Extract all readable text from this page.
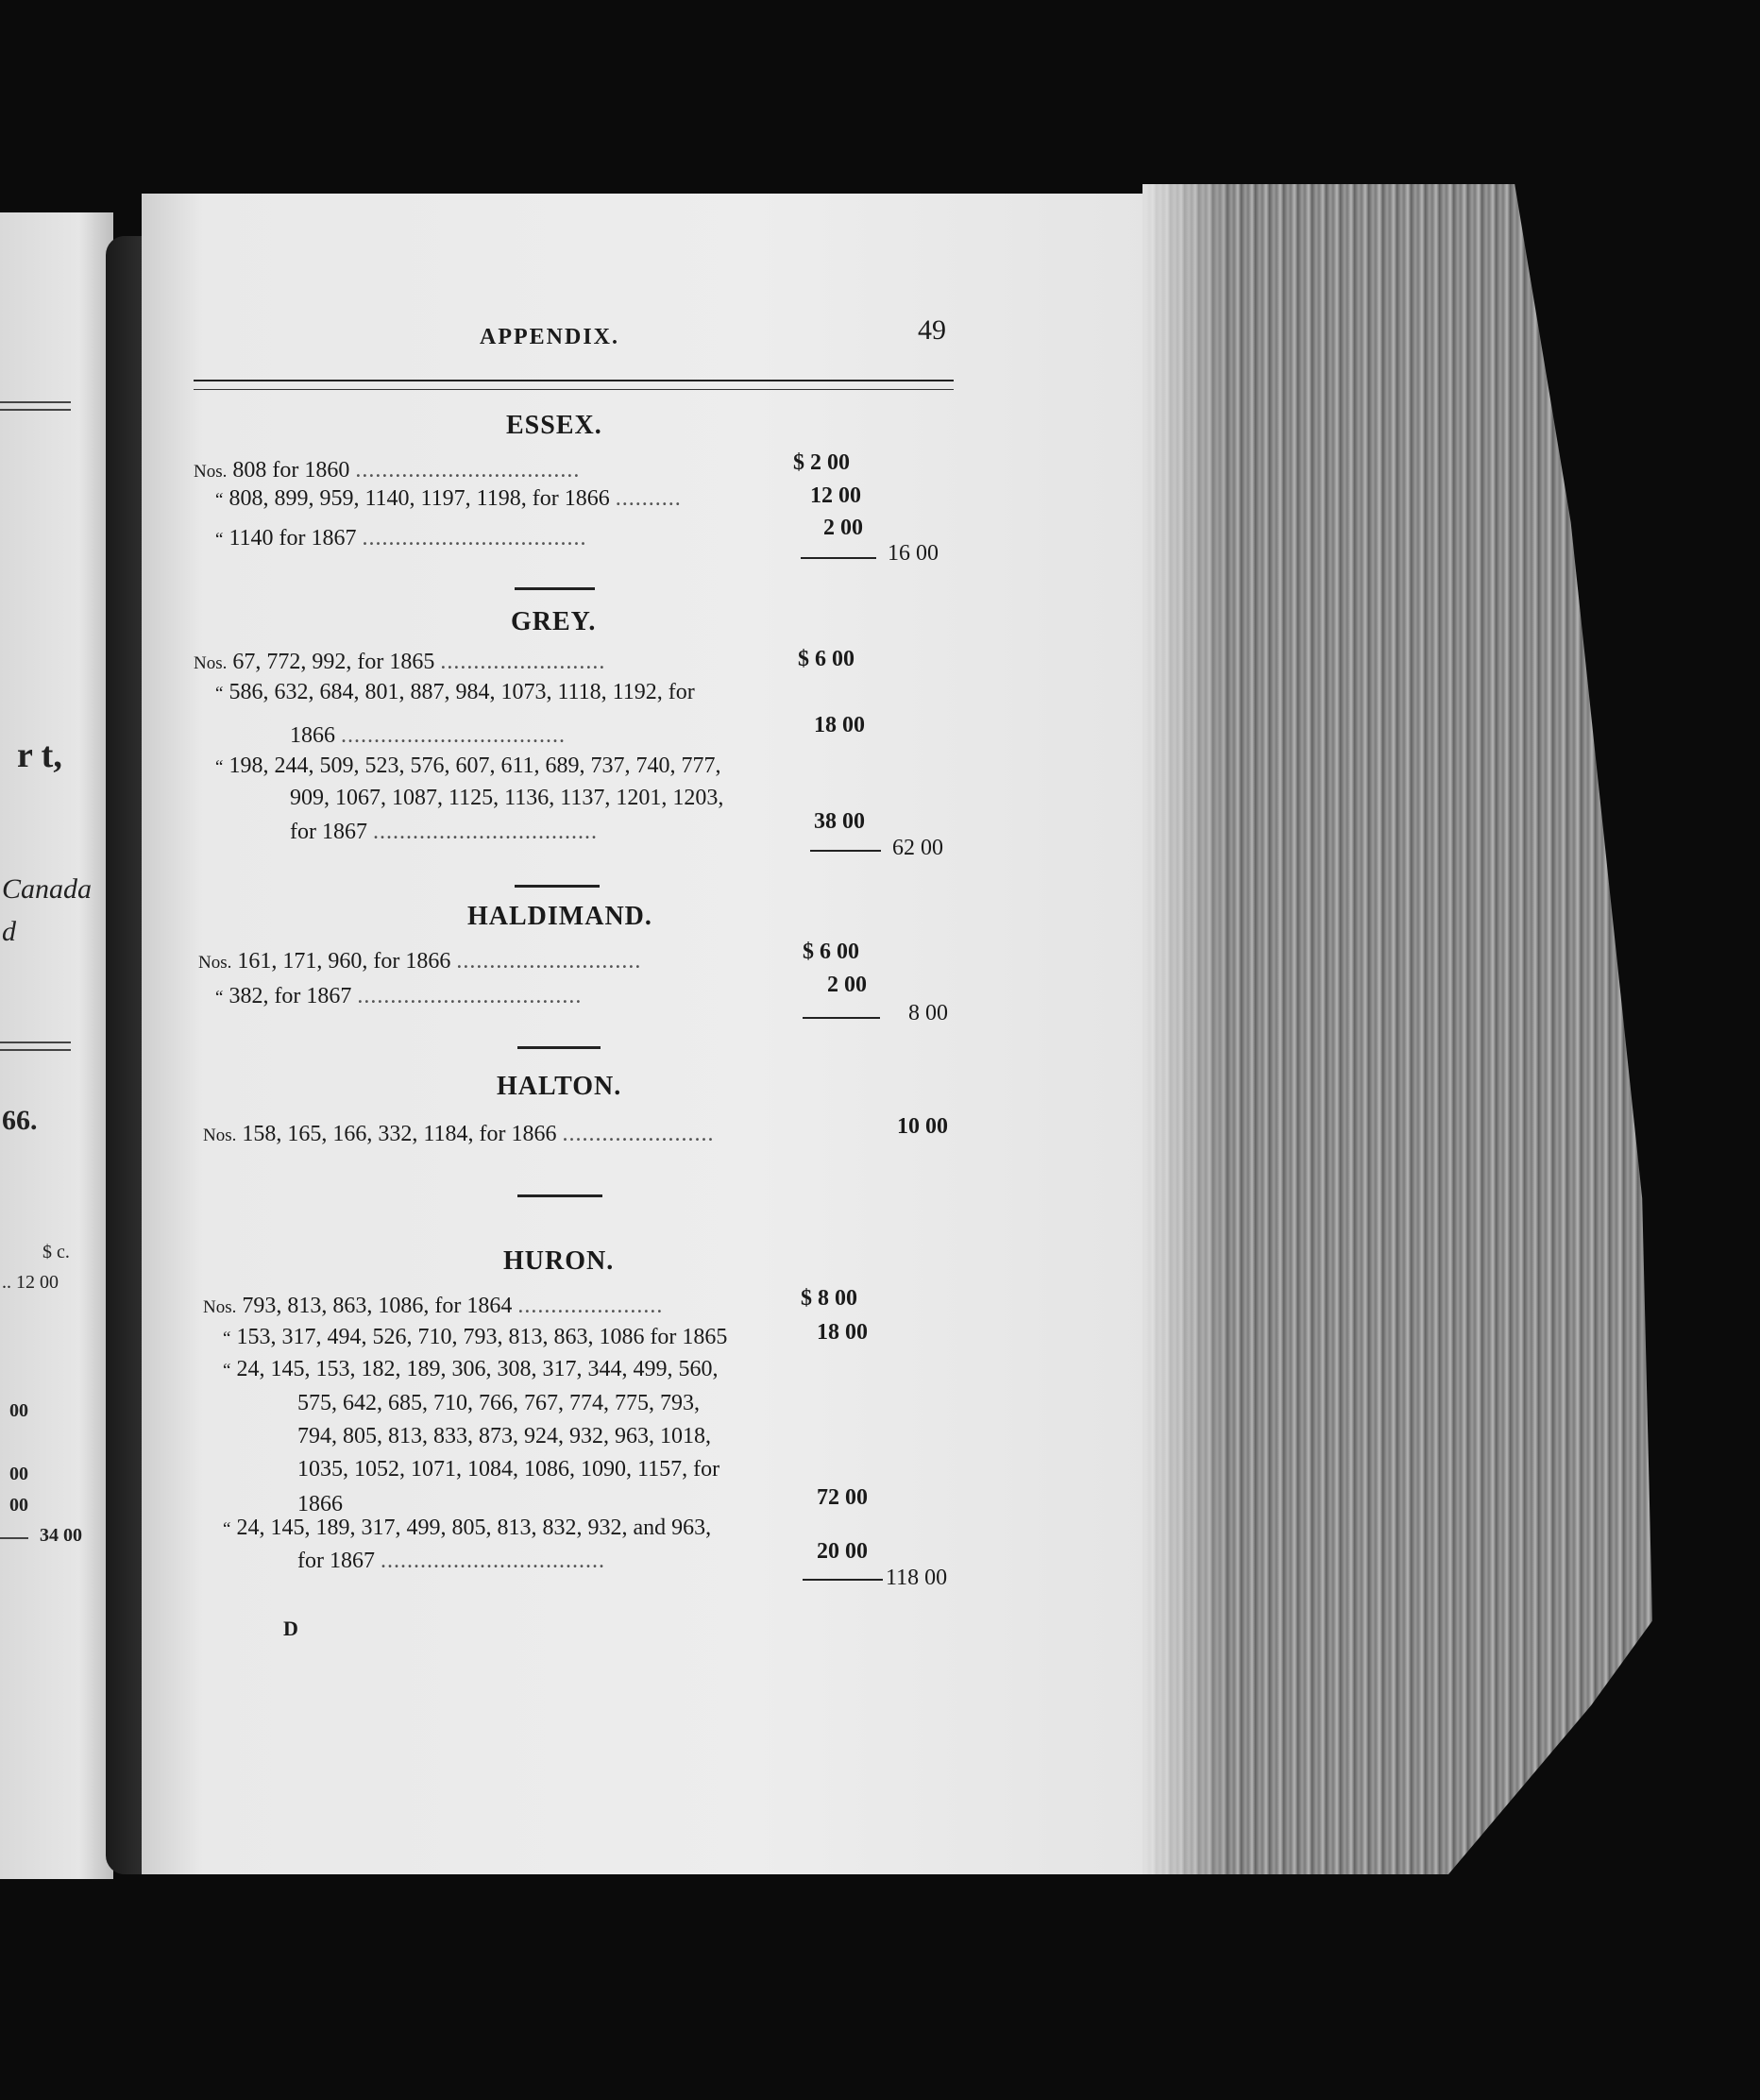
r t,
Canada
d
66.
$ c.
.. 12 00
00
00
00
34 00
APPENDIX.	49
ESSEX.
Nos. 808 for 1860 ..................................	$ 2 00
“ 808, 899, 959, 1140, 1197, 1198, for 1866 ..........	12 00
“ 1140 for 1867 ..................................	2 00
16 00
GREY.
Nos. 67, 772, 992, for 1865 .........................	$ 6 00
“ 586, 632, 684, 801, 887, 984, 1073, 1118, 1192, for
1866 ..................................	18 00
“ 198, 244, 509, 523, 576, 607, 611, 689, 737, 740, 777,
909, 1067, 1087, 1125, 1136, 1137, 1201, 1203,
for 1867 ..................................	38 00
62 00
HALDIMAND.
Nos. 161, 171, 960, for 1866 ............................	$ 6 00
“ 382, for 1867 ..................................	2 00
8 00
HALTON.
Nos. 158, 165, 166, 332, 1184, for 1866 .......................	10 00
HURON.
Nos. 793, 813, 863, 1086, for 1864 ......................	$ 8 00
“ 153, 317, 494, 526, 710, 793, 813, 863, 1086 for 1865	18 00
“ 24, 145, 153, 182, 189, 306, 308, 317, 344, 499, 560,
575, 642, 685, 710, 766, 767, 774, 775, 793,
794, 805, 813, 833, 873, 924, 932, 963, 1018,
1035, 1052, 1071, 1084, 1086, 1090, 1157, for
1866	72 00
“ 24, 145, 189, 317, 499, 805, 813, 832, 932, and 963,
for 1867 ..................................	20 00
118 00
D
